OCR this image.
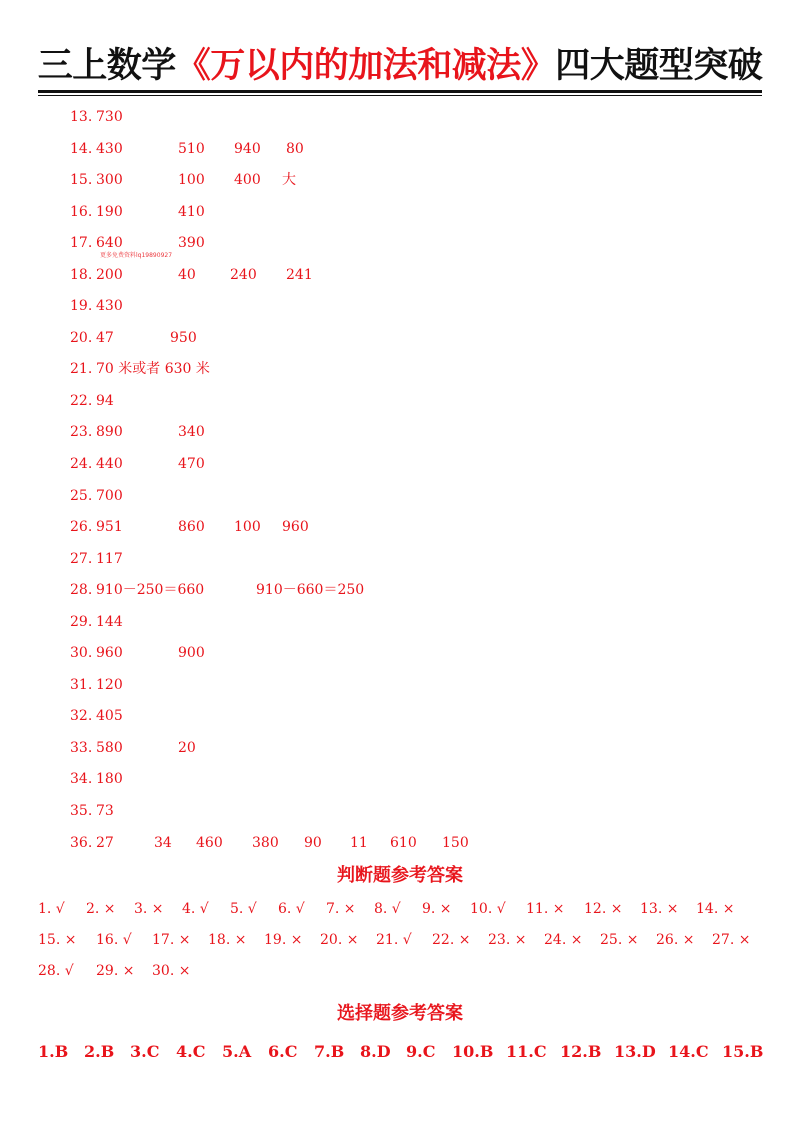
三上数学《万以内的加法和减法》四大题型突破
更多免费资料lq19890927
13. 730
14. 430	510 940 80
15. 300	100 400 大
16. 190	410
17. 640	390
18. 200	40 240 241
19. 430
20. 47	950
21. 70 米或者 630 米
22. 94
23. 890	340
24. 440	470
25. 700
26. 951	860 100 960
27. 117
28. 910－250＝660	910－660＝250
29. 144
30. 960	900
31. 120
32. 405
33. 580	20
34. 180
35. 73
36. 27	34 460 380 90 11 610 150
判断题参考答案
1. √	2. ×	3. ×	4. √	5. √	6. √	7. ×	8. √	9. ×	10. √	11. ×	12. ×	13. ×	14. ×
15. ×	16. √	17. ×	18. ×	19. ×	20. ×	21. √	22. ×	23. ×	24. ×	25. ×	26. ×	27. ×
28. √	29. ×	30. ×
选择题参考答案
1.B 2.B 3.C	4.C	5.A	6.C	7.B 8.D 9.C	10.B 11.C 12.B 13.D 14.C 15.B
